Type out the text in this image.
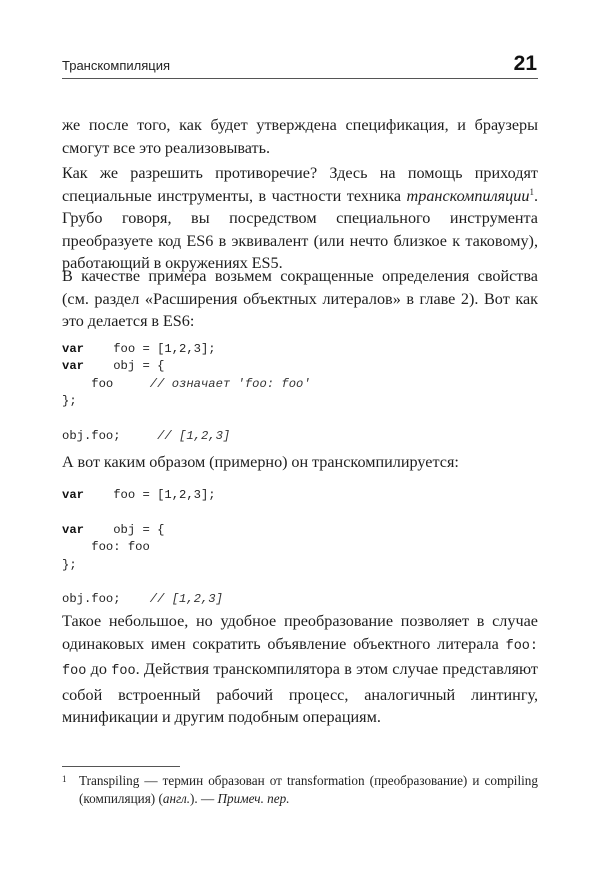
Транскомпиляция	21

же после того, как будет утверждена спецификация, и браузеры смогут все это реализовывать.

Как же разрешить противоречие? Здесь на помощь приходят специальные инструменты, в частности техника транскомпиляции$^1$. Грубо говоря, вы посредством специального инструмента преобразуете код ES6 в эквивалент (или нечто близкое к таковому), работающий в окружениях ES5.

В качестве примера возьмем сокращенные определения свойства (см. раздел «Расширения объектных литералов» в главе 2). Вот как это делается в ES6:

var    foo = [1,2,3];
var    obj = {
foo     // означает 'foo: foo'
};

obj.foo;     // [1,2,3]

А вот каким образом (примерно) он транскомпилируется:

var    foo = [1,2,3];

var    obj = {
foo: foo
};

obj.foo;    // [1,2,3]

Такое небольшое, но удобное преобразование позволяет в случае одинаковых имен сократить объявление объектного литерала foo: foo до foo. Действия транскомпилятора в этом случае представляют собой встроенный рабочий процесс, аналогичный линтингу, минификации и другим подобным операциям.

1 Transpiling — термин образован от transformation (преобразование) и compiling (компиляция) (англ.). — Примеч. пер.
